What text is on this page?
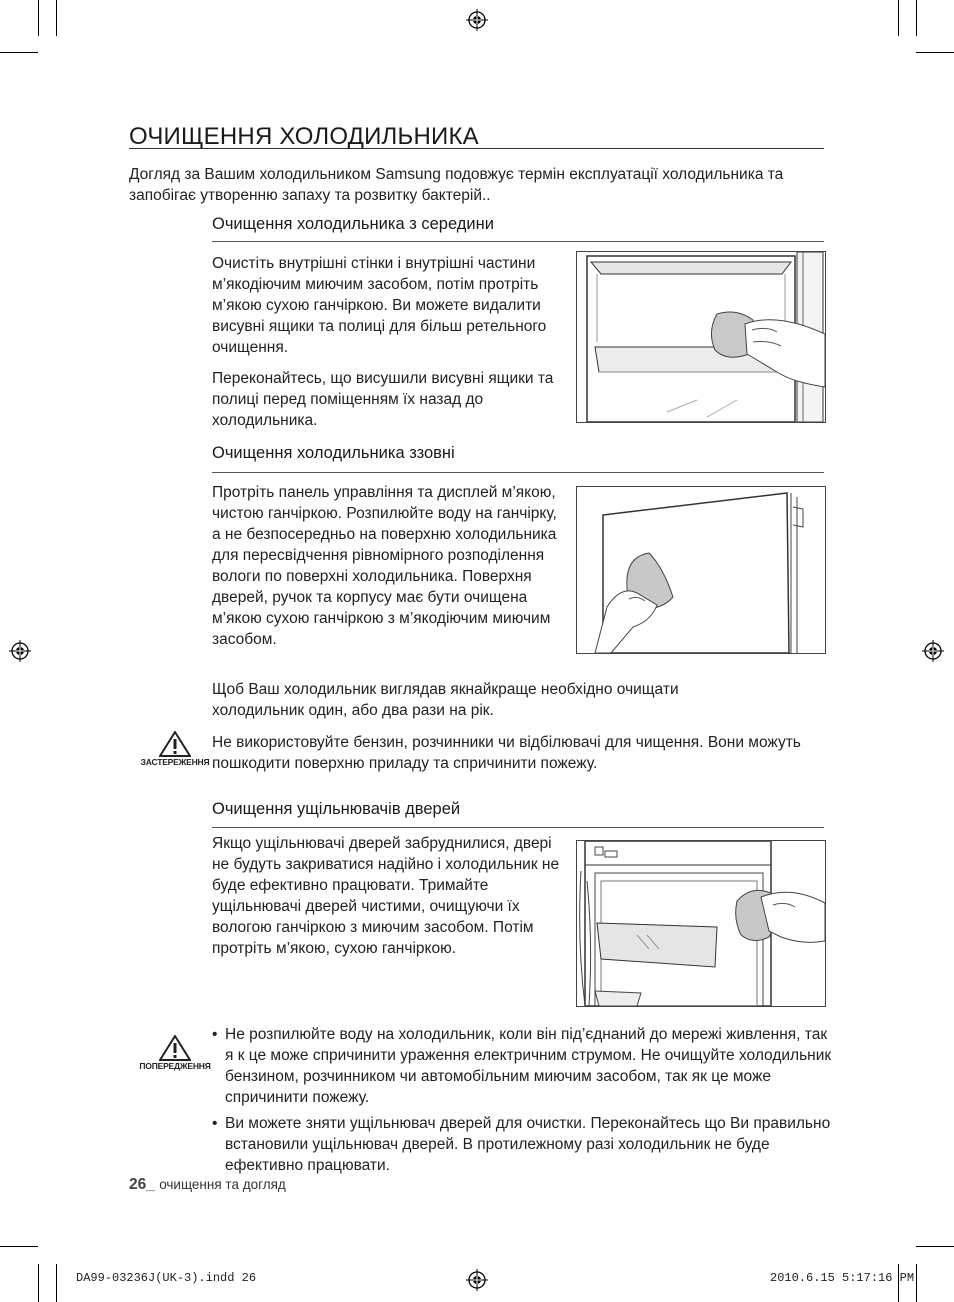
ОЧИЩЕННЯ ХОЛОДИЛЬНИКА
Догляд за Вашим холодильником Samsung подовжує термін експлуатації холодильника та запобігає утворенню запаху та розвитку бактерій..
Очищення холодильника з середини

Очистіть внутрішні стінки і внутрішні частини м’якодіючим миючим засобом, потім протріть м’якою сухою ганчіркою. Ви можете видалити висувні ящики та полиці для більш ретельного очищення.

Переконайтесь, що висушили висувні ящики та полиці перед поміщенням їх назад до холодильника.

Очищення холодильника ззовні

Протріть панель управління та дисплей м’якою, чистою ганчіркою. Розпилюйте воду на ганчірку, а не безпосередньо на поверхню холодильника для пересвідчення рівномірного розподілення вологи по поверхні холодильника. Поверхня дверей, ручок та корпусу має бути очищена м’якою сухою ганчіркою з м’якодіючим миючим засобом.

Щоб Ваш холодильник виглядав якнайкраще необхідно очищати холодильник один, або два рази на рік.

ЗАСТЕРЕЖЕННЯ
Не використовуйте бензин, розчинники чи відбілювачі для чищення. Вони можуть пошкодити поверхню приладу та спричинити пожежу.
Очищення ущільнювачів дверей

Якщо ущільнювачі дверей забруднилися, двері не будуть закриватися надійно і холодильник не буде ефективно працювати. Тримайте ущільнювачі дверей чистими, очищуючи їх вологою ганчіркою з миючим засобом. Потім протріть м’якою, сухою ганчіркою.

ПОПЕРЕДЖЕННЯ
• Не розпилюйте воду на холодильник, коли він під’єднаний до мережі живлення, так я к це може спричинити ураження електричним струмом. Не очищуйте холодильник бензином, розчинником чи автомобільним миючим засобом, так як це може спричинити пожежу.
• Ви можете зняти ущільнювач дверей для очистки. Переконайтесь що Ви правильно встановили ущільнювач дверей. В протилежному разі холодильник не буде ефективно працювати.
26_ очищення та догляд
DA99-03236J(UK-3).indd 26	2010.6.15 5:17:16 PM
